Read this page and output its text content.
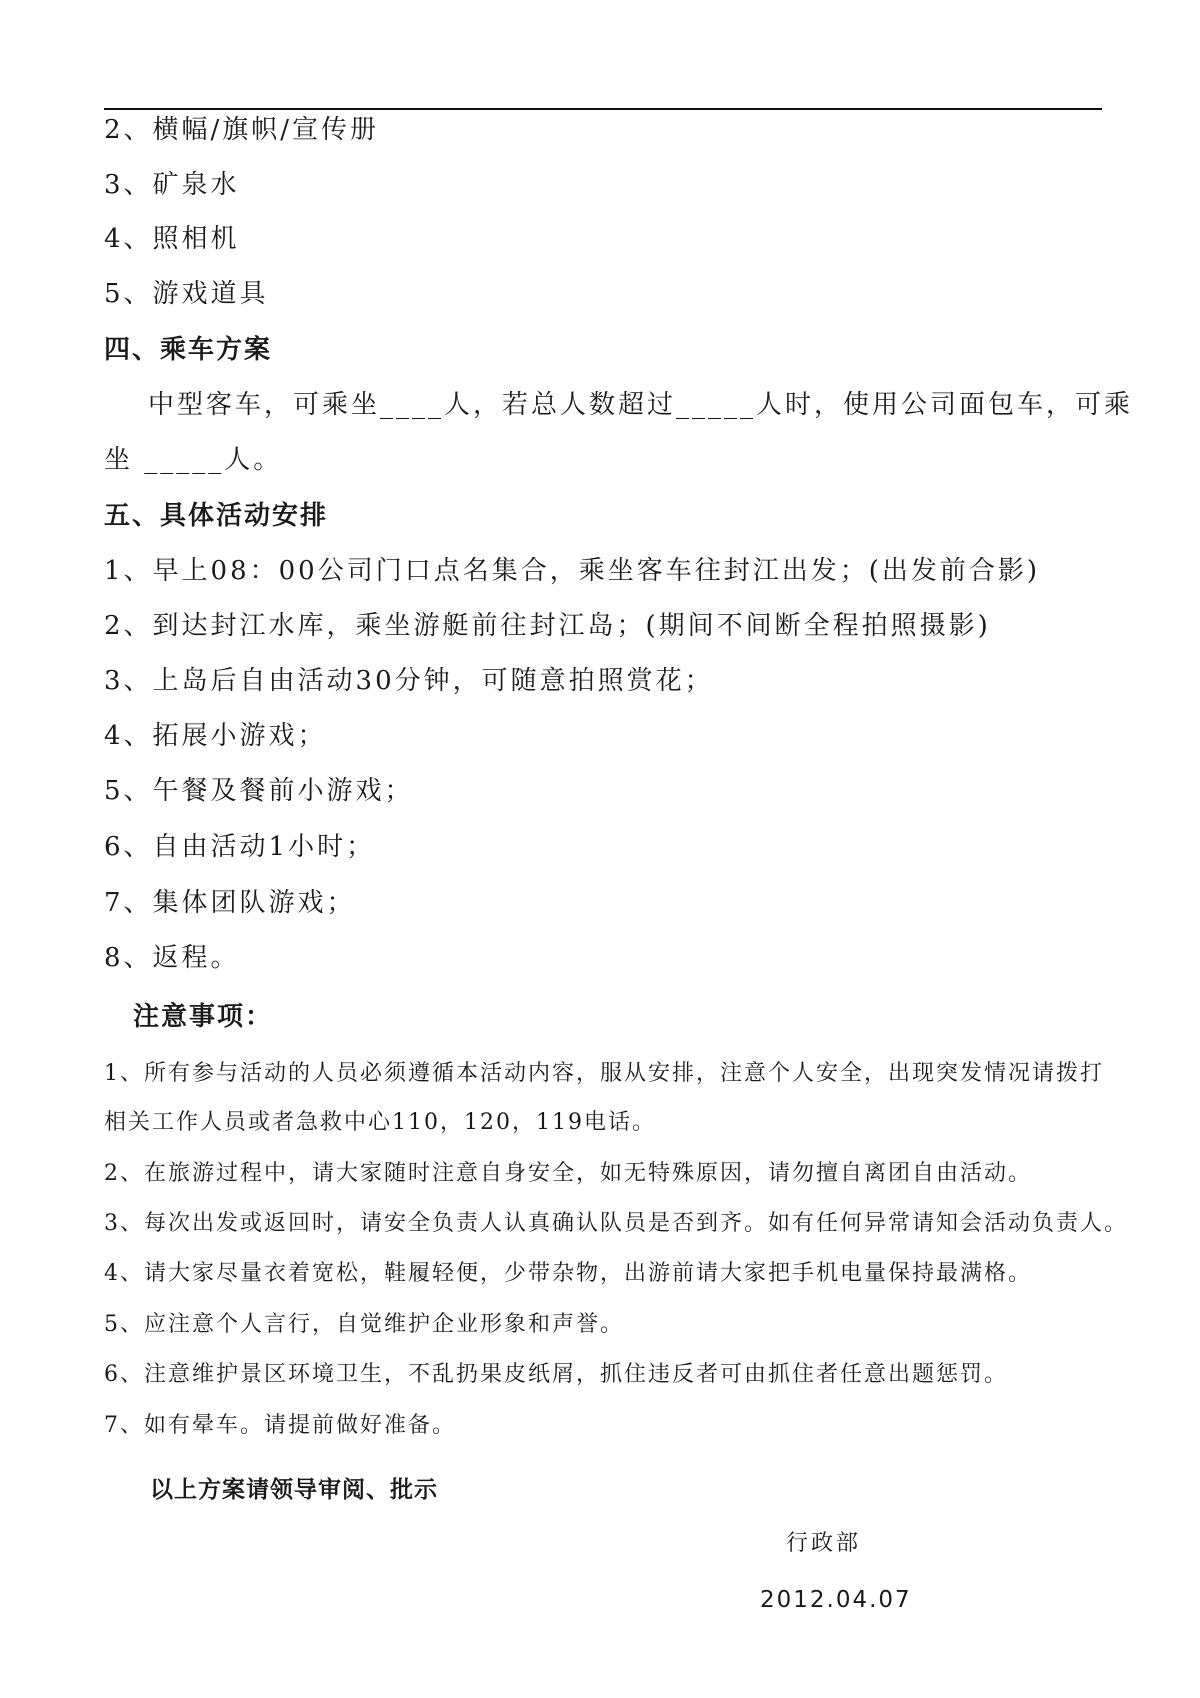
2、横幅/旗帜/宣传册
3、矿泉水
4、照相机
5、游戏道具
四、乘车方案
中型客车，可乘坐____人，若总人数超过_____人时，使用公司面包车，可乘
坐 _____人。
五、具体活动安排
1、早上08：00公司门口点名集合，乘坐客车往封江出发；(出发前合影)
2、到达封江水库，乘坐游艇前往封江岛；(期间不间断全程拍照摄影)
3、上岛后自由活动30分钟，可随意拍照赏花；
4、拓展小游戏；
5、午餐及餐前小游戏；
6、自由活动1小时；
7、集体团队游戏；
8、返程。
注意事项：
1、所有参与活动的人员必须遵循本活动内容，服从安排，注意个人安全，出现突发情况请拨打
相关工作人员或者急救中心110，120，119电话。
2、在旅游过程中，请大家随时注意自身安全，如无特殊原因，请勿擅自离团自由活动。
3、每次出发或返回时，请安全负责人认真确认队员是否到齐。如有任何异常请知会活动负责人。
4、请大家尽量衣着宽松，鞋履轻便，少带杂物，出游前请大家把手机电量保持最满格。
5、应注意个人言行，自觉维护企业形象和声誉。
6、注意维护景区环境卫生，不乱扔果皮纸屑，抓住违反者可由抓住者任意出题惩罚。
7、如有晕车。请提前做好准备。
以上方案请领导审阅、批示
行政部
2012.04.07
